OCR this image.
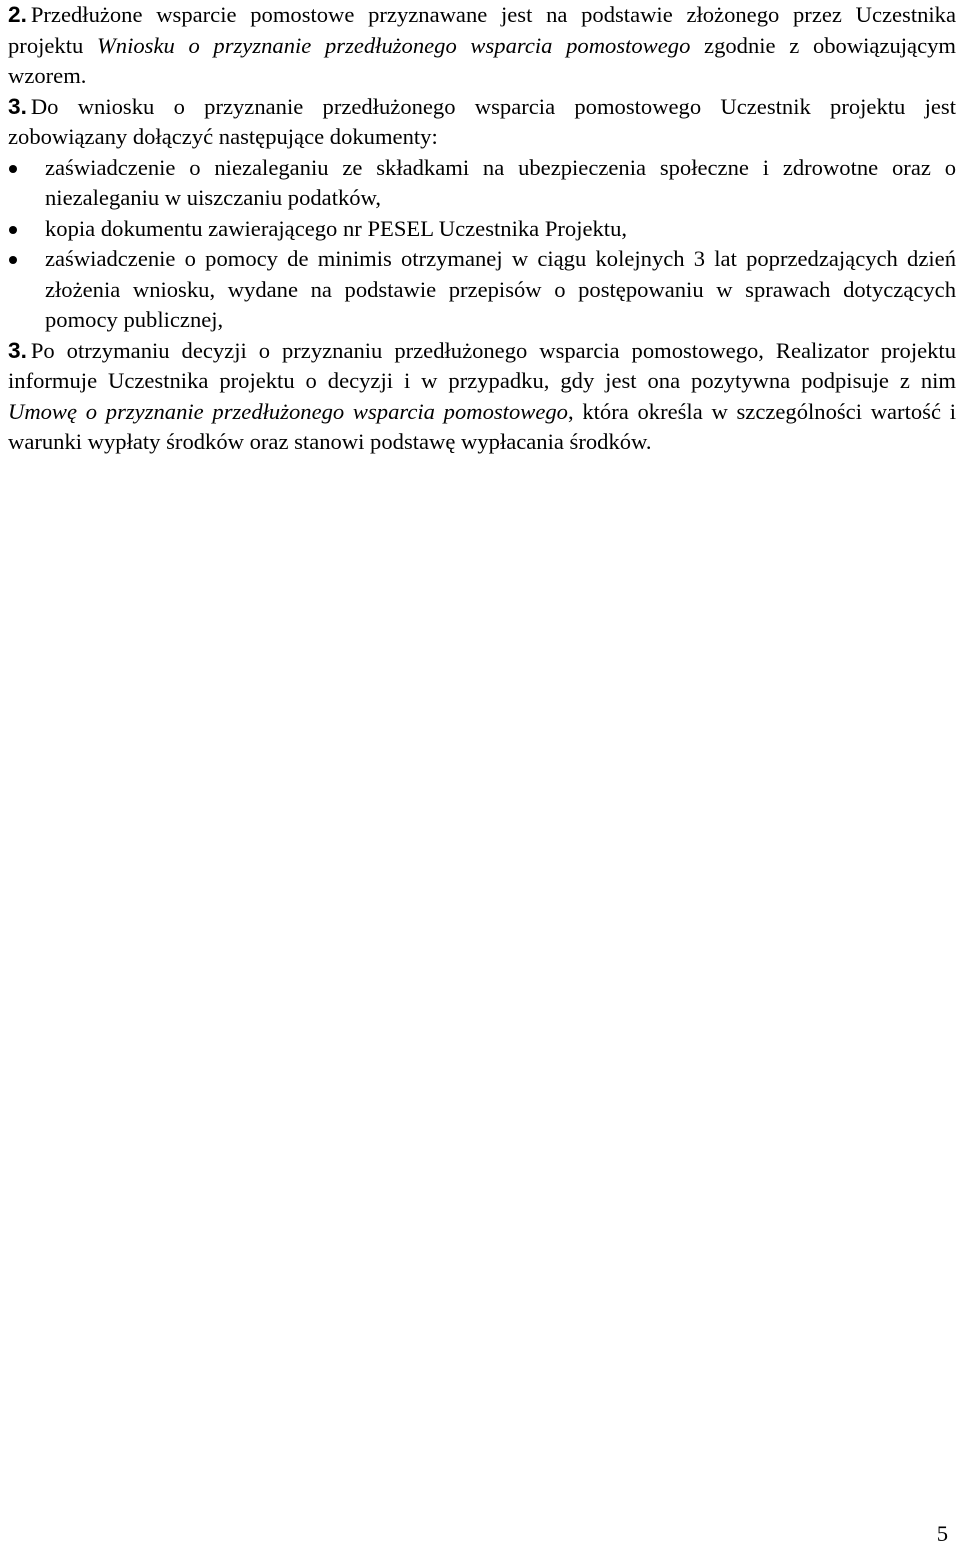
2. Przedłużone wsparcie pomostowe przyznawane jest na podstawie złożonego przez Uczestnika projektu Wniosku o przyznanie przedłużonego wsparcia pomostowego zgodnie z obowiązującym wzorem.

3. Do wniosku o przyznanie przedłużonego wsparcia pomostowego Uczestnik projektu jest zobowiązany dołączyć następujące dokumenty:

zaświadczenie o niezaleganiu ze składkami na ubezpieczenia społeczne i zdrowotne oraz o niezaleganiu w uiszczaniu podatków,
kopia dokumentu zawierającego nr PESEL Uczestnika Projektu,
zaświadczenie o pomocy de minimis otrzymanej w ciągu kolejnych 3 lat poprzedzających dzień złożenia wniosku, wydane na podstawie przepisów o postępowaniu w sprawach dotyczących pomocy publicznej,

3. Po otrzymaniu decyzji o przyznaniu przedłużonego wsparcia pomostowego, Realizator projektu informuje Uczestnika projektu o decyzji i w przypadku, gdy jest ona pozytywna podpisuje z nim Umowę o przyznanie przedłużonego wsparcia pomostowego, która określa w szczególności wartość i warunki wypłaty środków oraz stanowi podstawę wypłacania środków.

5
